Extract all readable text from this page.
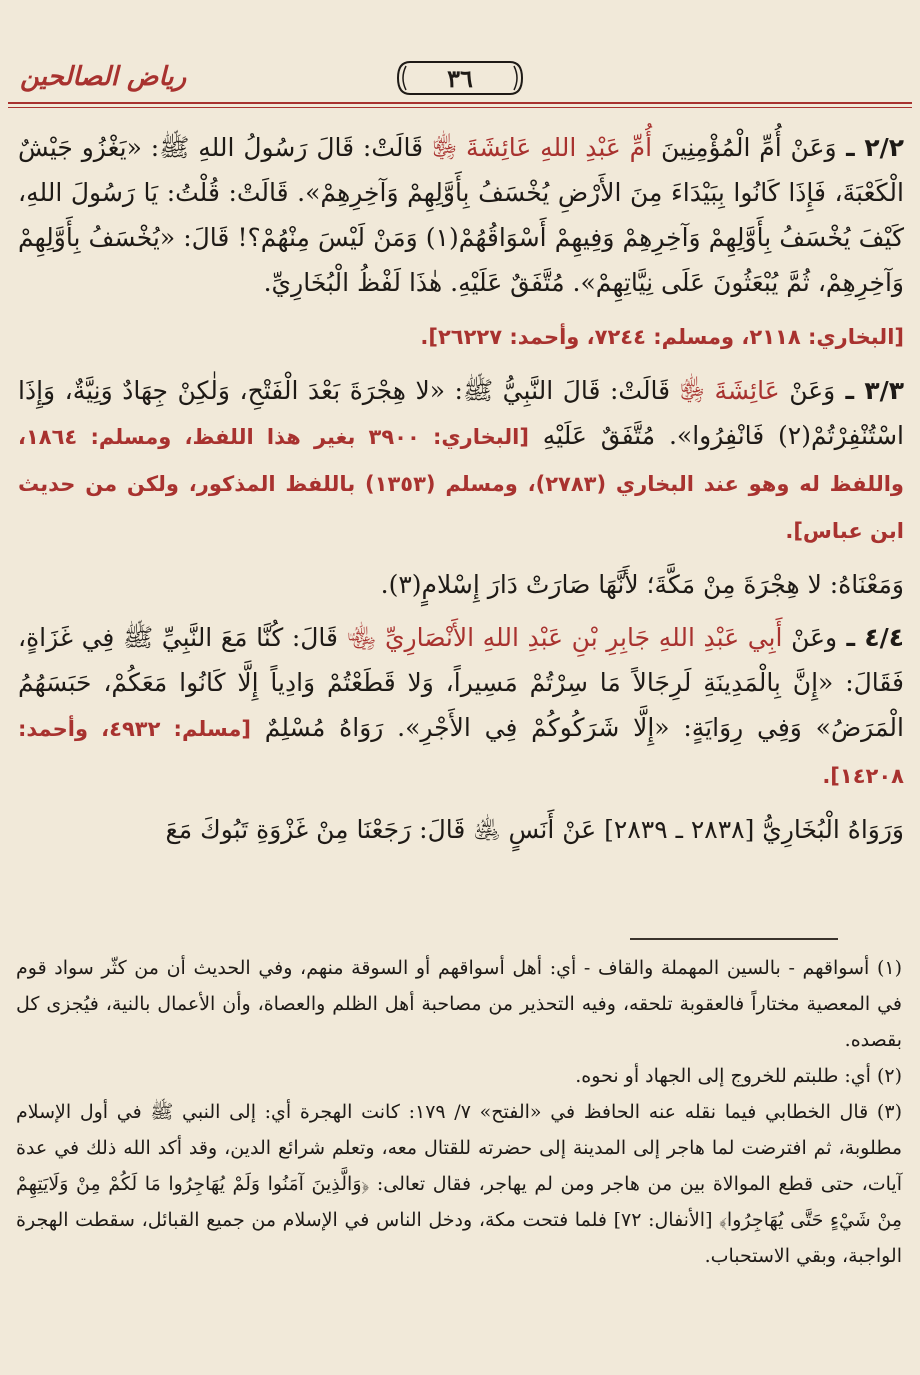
٣٦
رياض الصالحين

٢/٢ ـ وَعَنْ أُمِّ الْمُؤْمِنِينَ أُمِّ عَبْدِ اللهِ عَائِشَةَ ﵂ قَالَتْ: قَالَ رَسُولُ اللهِ ﷺ: «يَغْزُو جَيْشٌ الْكَعْبَةَ، فَإِذَا كَانُوا بِبَيْدَاءَ مِنَ الأَرْضِ يُخْسَفُ بِأَوَّلِهِمْ وَآخِرِهِمْ». قَالَتْ: قُلْتُ: يَا رَسُولَ اللهِ، كَيْفَ يُخْسَفُ بِأَوَّلِهِمْ وَآخِرِهِمْ وَفِيهِمْ أَسْوَاقُهُمْ(١) وَمَنْ لَيْسَ مِنْهُمْ؟! قَالَ: «يُخْسَفُ بِأَوَّلِهِمْ وَآخِرِهِمْ، ثُمَّ يُبْعَثُونَ عَلَى نِيَّاتِهِمْ». مُتَّفَقٌ عَلَيْهِ. هٰذَا لَفْظُ الْبُخَارِيِّ.

[البخاري: ٢١١٨، ومسلم: ٧٢٤٤، وأحمد: ٢٦٢٢٧].

٣/٣ ـ وَعَنْ عَائِشَةَ ﵂ قَالَتْ: قَالَ النَّبِيُّ ﷺ: «لا هِجْرَةَ بَعْدَ الْفَتْحِ، وَلٰكِنْ جِهَادٌ وَنِيَّةٌ، وَإِذَا اسْتُنْفِرْتُمْ(٢) فَانْفِرُوا». مُتَّفَقٌ عَلَيْهِ [البخاري: ٣٩٠٠ بغير هذا اللفظ، ومسلم: ١٨٦٤، واللفظ له وهو عند البخاري (٢٧٨٣)، ومسلم (١٣٥٣) باللفظ المذكور، ولكن من حديث ابن عباس].

وَمَعْنَاهُ: لا هِجْرَةَ مِنْ مَكَّةَ؛ لأَنَّهَا صَارَتْ دَارَ إِسْلامٍ(٣).

٤/٤ ـ وعَنْ أَبِي عَبْدِ اللهِ جَابِرِ بْنِ عَبْدِ اللهِ الأَنْصَارِيِّ ﵄ قَالَ: كُنَّا مَعَ النَّبِيِّ ﷺ فِي غَزَاةٍ، فَقَالَ: «إِنَّ بِالْمَدِينَةِ لَرِجَالاً مَا سِرْتُمْ مَسِيراً، وَلا قَطَعْتُمْ وَادِياً إِلَّا كَانُوا مَعَكُمْ، حَبَسَهُمُ الْمَرَضُ» وَفِي رِوَايَةٍ: «إِلَّا شَرَكُوكُمْ فِي الأَجْرِ». رَوَاهُ مُسْلِمٌ [مسلم: ٤٩٣٢، وأحمد: ١٤٢٠٨].

وَرَوَاهُ الْبُخَارِيُّ [٢٨٣٨ ـ ٢٨٣٩] عَنْ أَنَسٍ ﵁ قَالَ: رَجَعْنَا مِنْ غَزْوَةِ تَبُوكَ مَعَ

(١) أسواقهم - بالسين المهملة والقاف - أي: أهل أسواقهم أو السوقة منهم، وفي الحديث أن من كثّر سواد قوم في المعصية مختاراً فالعقوبة تلحقه، وفيه التحذير من مصاحبة أهل الظلم والعصاة، وأن الأعمال بالنية، فيُجزى كل بقصده.

(٢) أي: طلبتم للخروج إلى الجهاد أو نحوه.

(٣) قال الخطابي فيما نقله عنه الحافظ في «الفتح» ٧/ ١٧٩: كانت الهجرة أي: إلى النبي ﷺ في أول الإسلام مطلوبة، ثم افترضت لما هاجر إلى المدينة إلى حضرته للقتال معه، وتعلم شرائع الدين، وقد أكد الله ذلك في عدة آيات، حتى قطع الموالاة بين من هاجر ومن لم يهاجر، فقال تعالى: ﴿وَالَّذِينَ آمَنُوا وَلَمْ يُهَاجِرُوا مَا لَكُمْ مِنْ وَلَايَتِهِمْ مِنْ شَيْءٍ حَتَّى يُهَاجِرُوا﴾ [الأنفال: ٧٢] فلما فتحت مكة، ودخل الناس في الإسلام من جميع القبائل، سقطت الهجرة الواجبة، وبقي الاستحباب.
